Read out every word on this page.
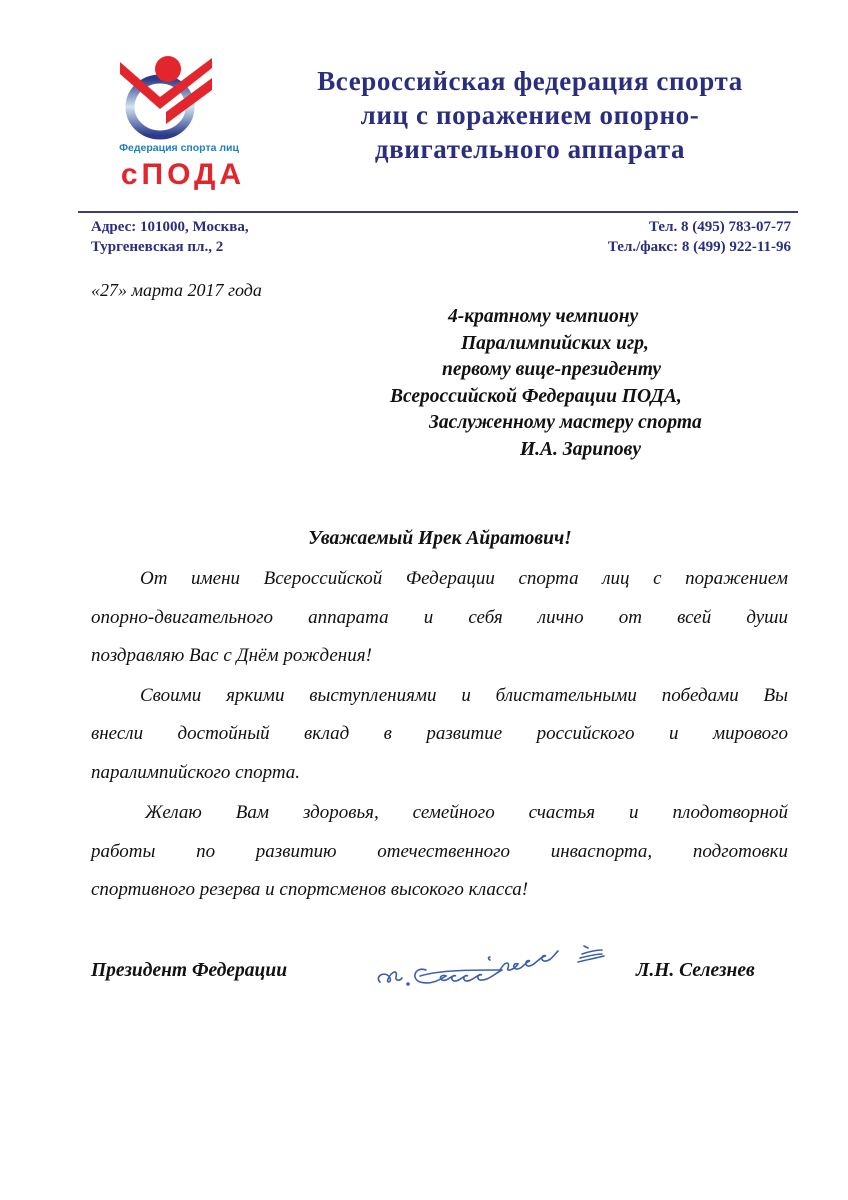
Федерация спорта лиц
сПОДА
Всероссийская федерация спорта
лиц с поражением опорно-
двигательного аппарата
Адрес: 101000, Москва,
Тургеневская пл., 2
Тел. 8 (495) 783-07-77
Тел./факс: 8 (499) 922-11-96
«27» марта 2017 года
4-кратному чемпиону
Паралимпийских игр,
первому вице-президенту
Всероссийской Федерации ПОДА,
Заслуженному мастеру спорта
И.А. Зарипову
Уважаемый Ирек Айратович!
От имени Всероссийской Федерации спорта лиц с поражением
опорно-двигательного аппарата и себя лично от всей души
поздравляю Вас с Днём рождения!
Своими яркими выступлениями и блистательными победами Вы
внесли достойный вклад в развитие российского и мирового
паралимпийского спорта.
Желаю Вам здоровья, семейного счастья и плодотворной
работы по развитию отечественного инваспорта, подготовки
спортивного резерва и спортсменов высокого класса!
Президент Федерации	Л.Н. Селезнев
